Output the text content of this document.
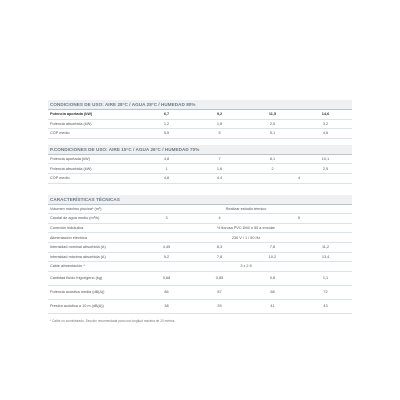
CONDICIONES DE USO: AIRE 28°C / AGUA 28°C / HUMEDAD 80%
Potencia aportada (kW)	6,7	9,2	11,5	14,6
Potencia absorbida (kW)	1,2	1,8	2,5	3,2
COP medio	5,5	5	5,1	4,6
P.CONDICIONES DE USO: AIRE 15°C / AGUA 26°C / HUMEDAD 70%
Potencia aportada (kW)	4,8	7	8,1	10,1
Potencia absorbida (kW)	1	1,6	2	2,5
COP medio	4,8	4,4	4	
CARACTERÍSTICAS TÉCNICAS
Volumen máximo piscina* (m³)	Realizar estudio térmico			
Caudal de agua medio (m³/h)	3	4	5	
Conexión hidráulica	½ tiorosa PVC Ø40 ó 50 a encolar			
Alimentación eléctrica	230 V / 1 / 50 Hz			
Intensidad nominal absorbida (A)	4,45	8,3	7,8	11,2
Intensidad máxima absorbida (A)	5,2	7,8	10,2	13,4
Cable alimentación *	3 x 2.5			
Cantidad fluido frigorígeno (kg)	0,68	0,85	0,8	1,1
Potencia acústica media (dB(A))	86	87	68	72
Presión acústica a 10 m (dB(A))	38	39	41	43
* Cable no suministrado. Sección recomendada para una longitud máxima de 20 metros.
